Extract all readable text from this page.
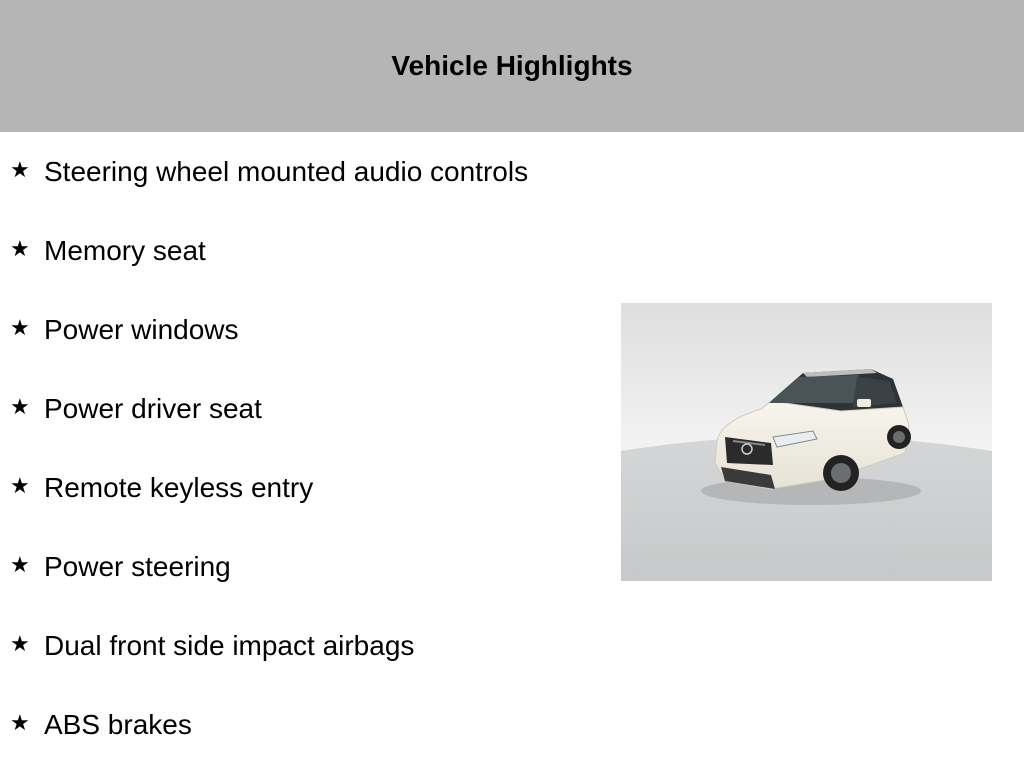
Vehicle Highlights
★ Steering wheel mounted audio controls
★ Memory seat
★ Power windows
★ Power driver seat
★ Remote keyless entry
★ Power steering
★ Dual front side impact airbags
★ ABS brakes
